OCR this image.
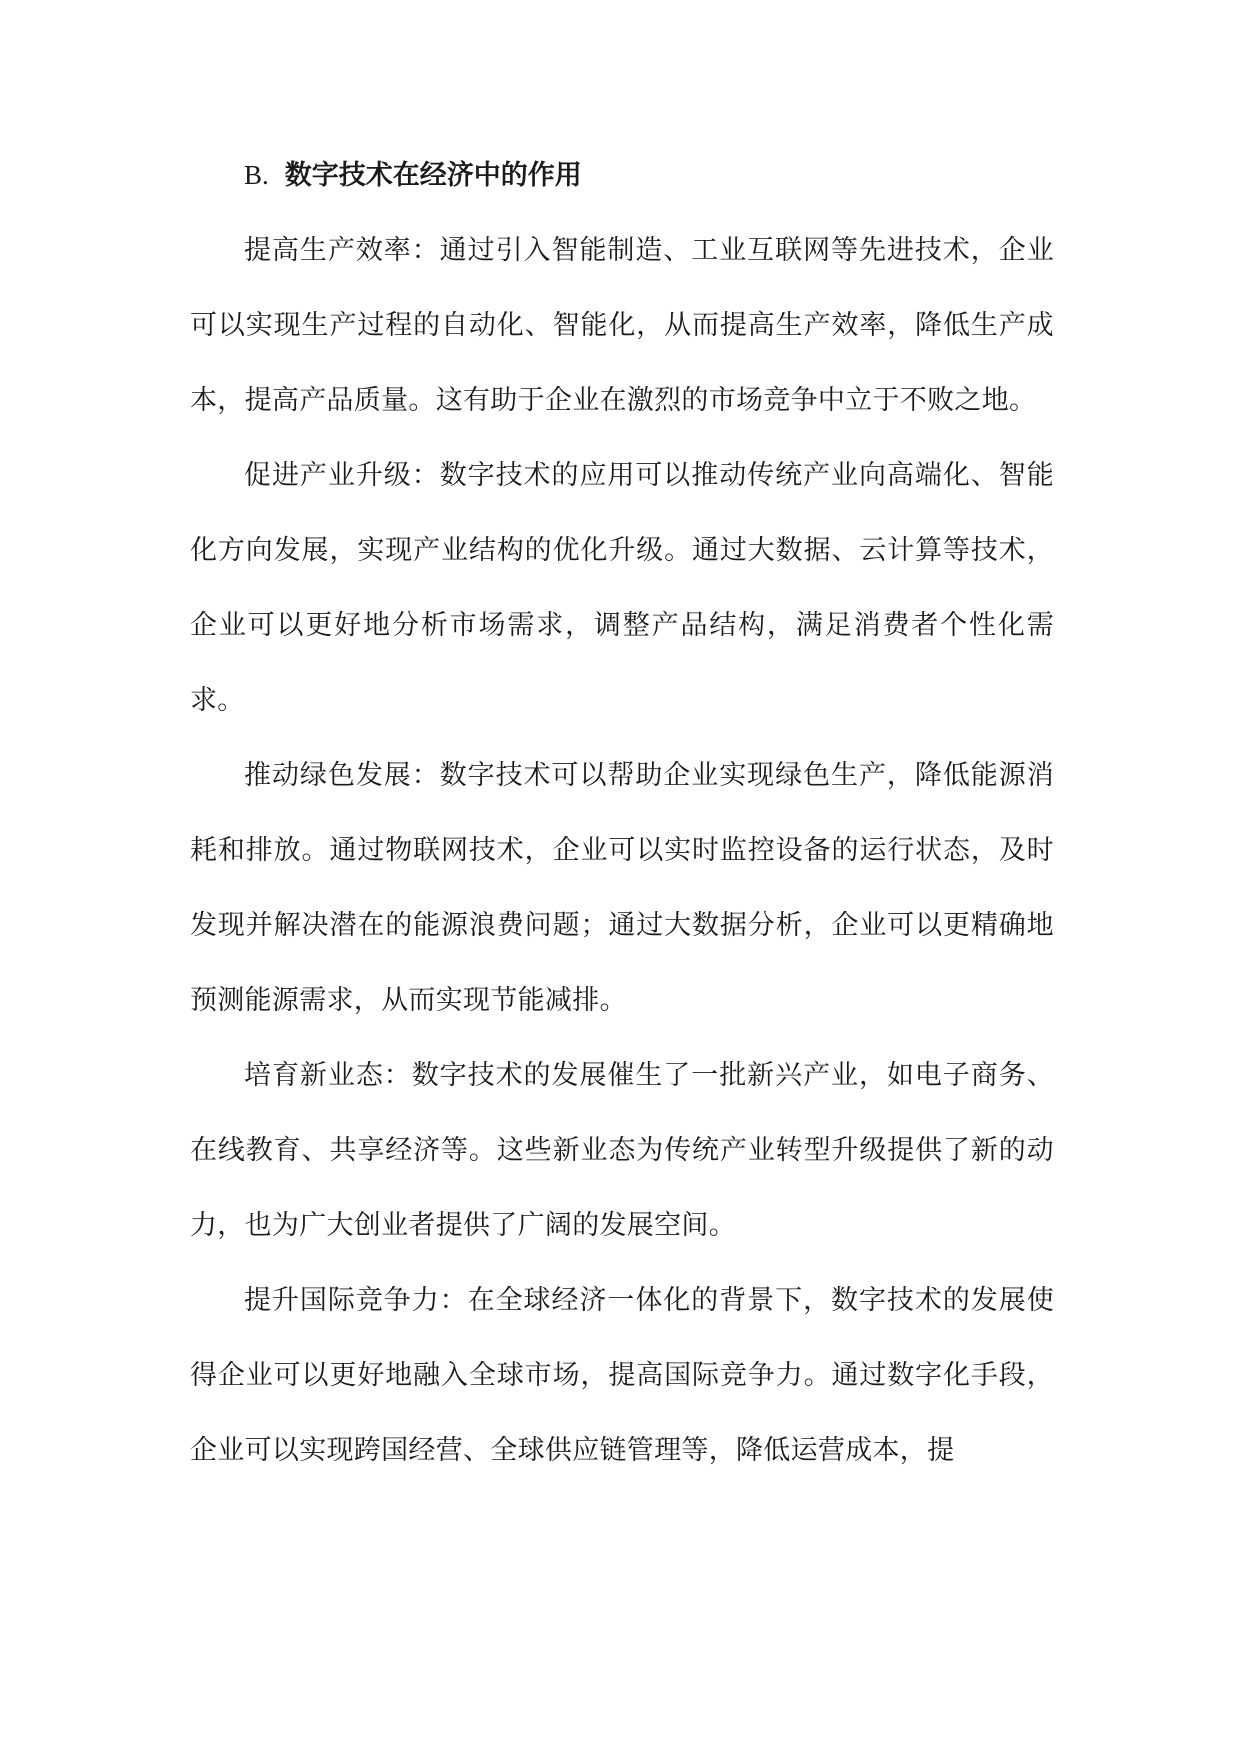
B. 数字技术在经济中的作用

提高生产效率：通过引入智能制造、工业互联网等先进技术，企业可以实现生产过程的自动化、智能化，从而提高生产效率，降低生产成本，提高产品质量。这有助于企业在激烈的市场竞争中立于不败之地。

促进产业升级：数字技术的应用可以推动传统产业向高端化、智能化方向发展，实现产业结构的优化升级。通过大数据、云计算等技术，企业可以更好地分析市场需求，调整产品结构，满足消费者个性化需求。

推动绿色发展：数字技术可以帮助企业实现绿色生产，降低能源消耗和排放。通过物联网技术，企业可以实时监控设备的运行状态，及时发现并解决潜在的能源浪费问题；通过大数据分析，企业可以更精确地预测能源需求，从而实现节能减排。

培育新业态：数字技术的发展催生了一批新兴产业，如电子商务、在线教育、共享经济等。这些新业态为传统产业转型升级提供了新的动力，也为广大创业者提供了广阔的发展空间。

提升国际竞争力：在全球经济一体化的背景下，数字技术的发展使得企业可以更好地融入全球市场，提高国际竞争力。通过数字化手段，企业可以实现跨国经营、全球供应链管理等，降低运营成本，提
